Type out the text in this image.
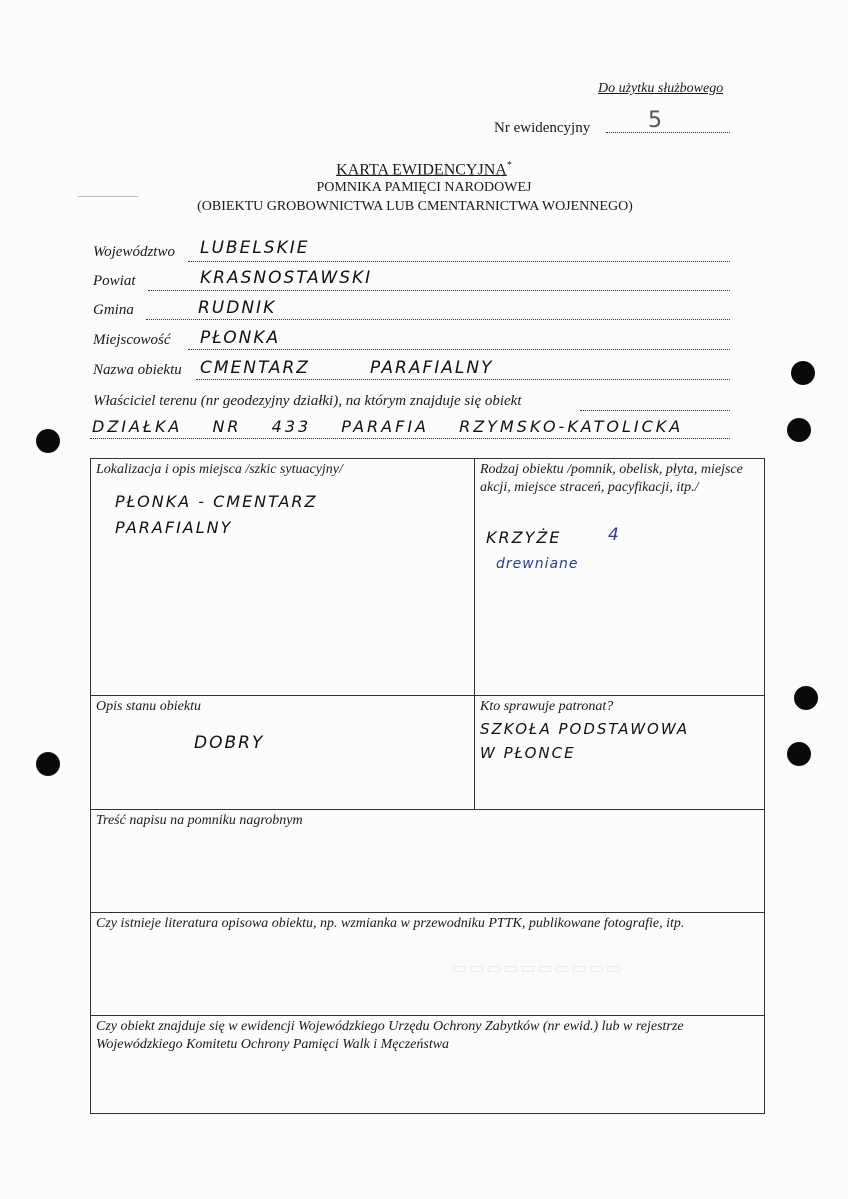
Do użytku służbowego
Nr ewidencyjny	5
KARTA EWIDENCYJNA*
POMNIKA PAMIĘCI NARODOWEJ
(OBIEKTU GROBOWNICTWA LUB CMENTARNICTWA WOJENNEGO)
Województwo LUBELSKIE
Powiat	KRASNOSTAWSKI
Gmina	RUDNIK
Miejscowość PŁONKA
Nazwa obiektu CMENTARZ	PARAFIALNY
Właściciel terenu (nr geodezyjny działki), na którym znajduje się obiekt
DZIAŁKA NR 433 PARAFIA RZYMSKO-KATOLICKA
Lokalizacja i opis miejsca /szkic sytuacyjny/
PŁONKA - CMENTARZ
PARAFIALNY
Rodzaj obiektu /pomnik, obelisk, płyta, miejsce akcji, miejsce straceń, pacyfikacji, itp./
KRZYŻE	4
drewniane
Opis stanu obiektu
DOBRY
Kto sprawuje patronat?
SZKOŁA PODSTAWOWA
W PŁONCE
Treść napisu na pomniku nagrobnym
Czy istnieje literatura opisowa obiektu, np. wzmianka w przewodniku PTTK, publikowane fotografie, itp.
▭▭▭▭▭▭▭▭▭▭
Czy obiekt znajduje się w ewidencji Wojewódzkiego Urzędu Ochrony Zabytków (nr ewid.) lub w rejestrze Wojewódzkiego Komitetu Ochrony Pamięci Walk i Męczeństwa
